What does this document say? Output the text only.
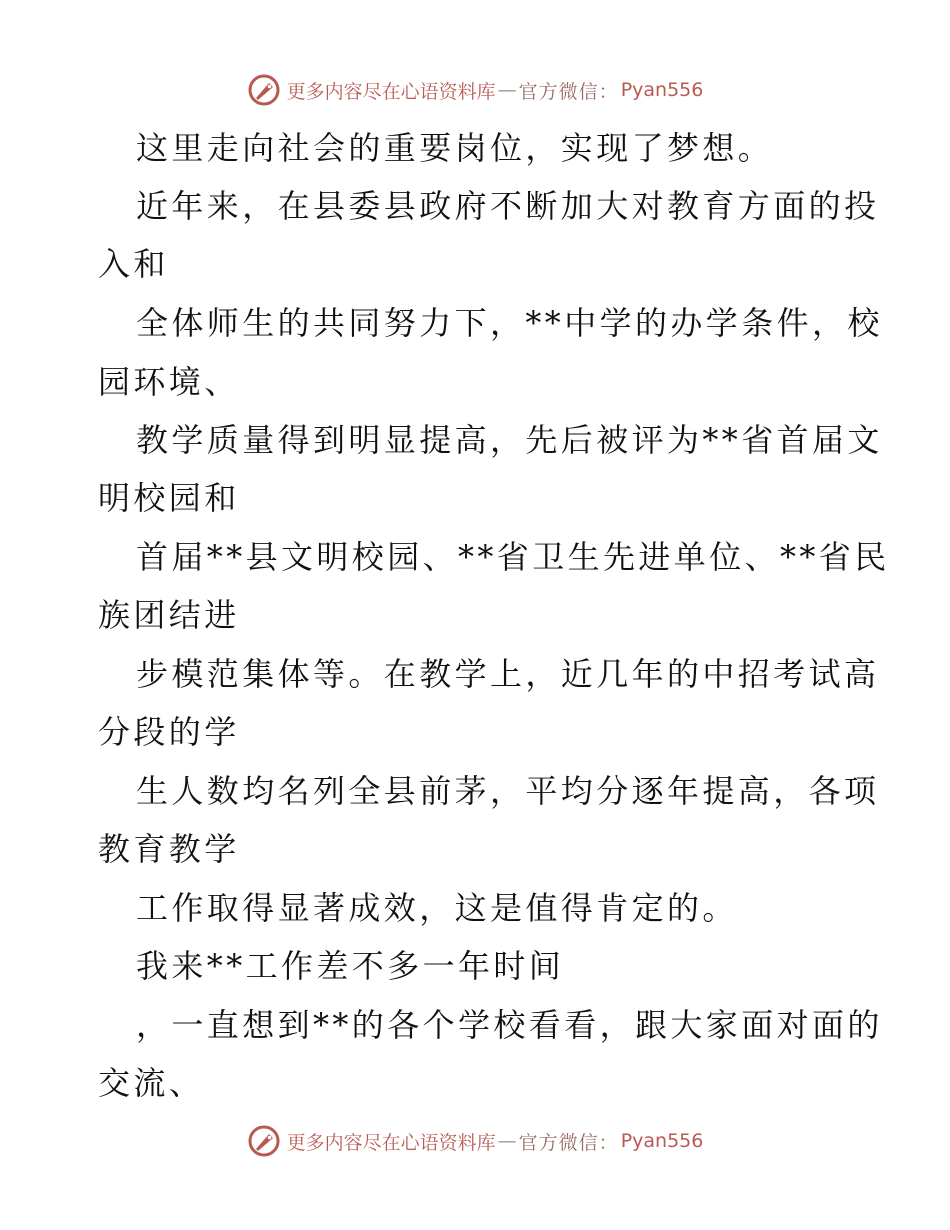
更多内容尽在心语资料库 — 官方微信： Pyan556
这里走向社会的重要岗位，实现了梦想。
近年来，在县委县政府不断加大对教育方面的投
入和
全体师生的共同努力下，**中学的办学条件，校
园环境、
教学质量得到明显提高，先后被评为**省首届文
明校园和
首届**县文明校园、**省卫生先进单位、**省民
族团结进
步模范集体等。在教学上，近几年的中招考试高
分段的学
生人数均名列全县前茅，平均分逐年提高，各项
教育教学
工作取得显著成效，这是值得肯定的。
我来**工作差不多一年时间
，一直想到**的各个学校看看，跟大家面对面的
交流、
更多内容尽在心语资料库 — 官方微信： Pyan556
